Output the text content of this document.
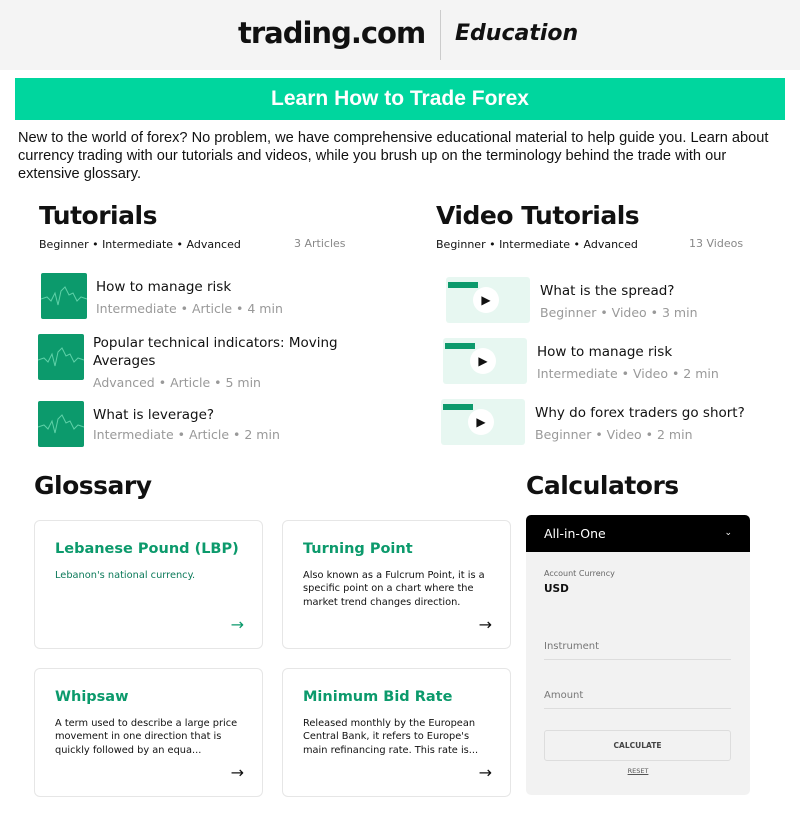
trading.com Education
Learn How to Trade Forex
New to the world of forex? No problem, we have comprehensive educational material to help guide you. Learn about currency trading with our tutorials and videos, while you brush up on the terminology behind the trade with our extensive glossary.
Tutorials
Beginner • Intermediate • Advanced	3 Articles
How to manage risk
Intermediate • Article • 4 min
Popular technical indicators: Moving Averages
Advanced • Article • 5 min
What is leverage?
Intermediate • Article • 2 min
Video Tutorials
Beginner • Intermediate • Advanced	13 Videos
▶
What is the spread?
Beginner • Video • 3 min
▶
How to manage risk
Intermediate • Video • 2 min
▶
Why do forex traders go short?
Beginner • Video • 2 min
Glossary
Lebanese Pound (LBP)
Lebanon's national currency.
→
Turning Point
Also known as a Fulcrum Point, it is a specific point on a chart where the market trend changes direction.
→
Whipsaw
A term used to describe a large price movement in one direction that is quickly followed by an equa...
→
Minimum Bid Rate
Released monthly by the European Central Bank, it refers to Europe's main refinancing rate. This rate is...
→
Calculators
All-in-One	⌄
Account Currency
USD
Instrument
Amount
CALCULATE
RESET
